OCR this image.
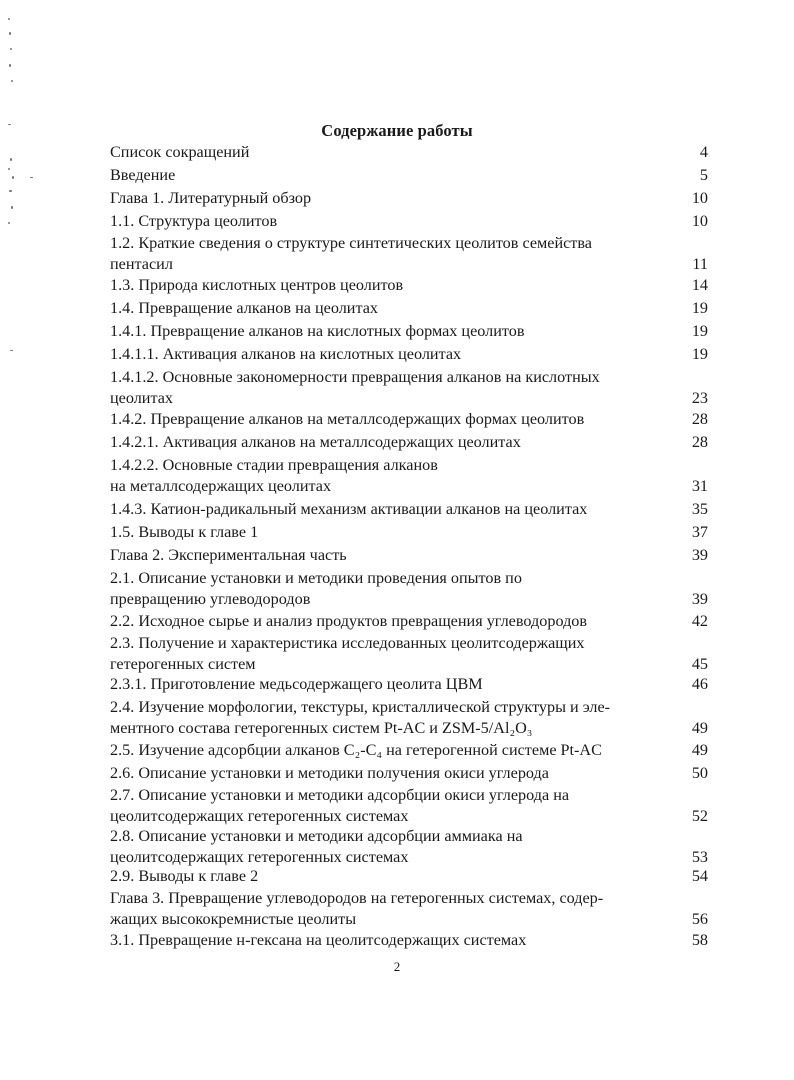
Содержание работы
Список сокращений	4
Введение	5
Глава 1. Литературный обзор	10
1.1. Структура цеолитов	10
1.2. Краткие сведения о структуре синтетических цеолитов семейства
пентасил	11
1.3. Природа кислотных центров цеолитов	14
1.4. Превращение алканов на цеолитах	19
1.4.1. Превращение алканов на кислотных формах цеолитов	19
1.4.1.1. Активация алканов на кислотных цеолитах	19
1.4.1.2. Основные закономерности превращения алканов на кислотных
цеолитах	23
1.4.2. Превращение алканов на металлсодержащих формах цеолитов	28
1.4.2.1. Активация алканов на металлсодержащих цеолитах	28
1.4.2.2. Основные стадии превращения алканов
на металлсодержащих цеолитах	31
1.4.3. Катион-радикальный механизм активации алканов на цеолитах	35
1.5. Выводы к главе 1	37
Глава 2. Экспериментальная часть	39
2.1. Описание установки и методики проведения опытов по
превращению углеводородов	39
2.2. Исходное сырье и анализ продуктов превращения углеводородов	42
2.3. Получение и характеристика исследованных цеолитсодержащих
гетерогенных систем	45
2.3.1. Приготовление медьсодержащего цеолита ЦВМ	46
2.4. Изучение морфологии, текстуры, кристаллической структуры и эле-
ментного состава гетерогенных систем Pt-AC и ZSM-5/Al₂O₃	49
2.5. Изучение адсорбции алканов C₂-C₄ на гетерогенной системе Pt-AC	49
2.6. Описание установки и методики получения окиси углерода	50
2.7. Описание установки и методики адсорбции окиси углерода на
цеолитсодержащих гетерогенных системах	52
2.8. Описание установки и методики адсорбции аммиака на
цеолитсодержащих гетерогенных системах	53
2.9. Выводы к главе 2	54
Глава 3. Превращение углеводородов на гетерогенных системах, содер-
жащих высококремнистые цеолиты	56
3.1. Превращение н-гексана на цеолитсодержащих системах	58
2
